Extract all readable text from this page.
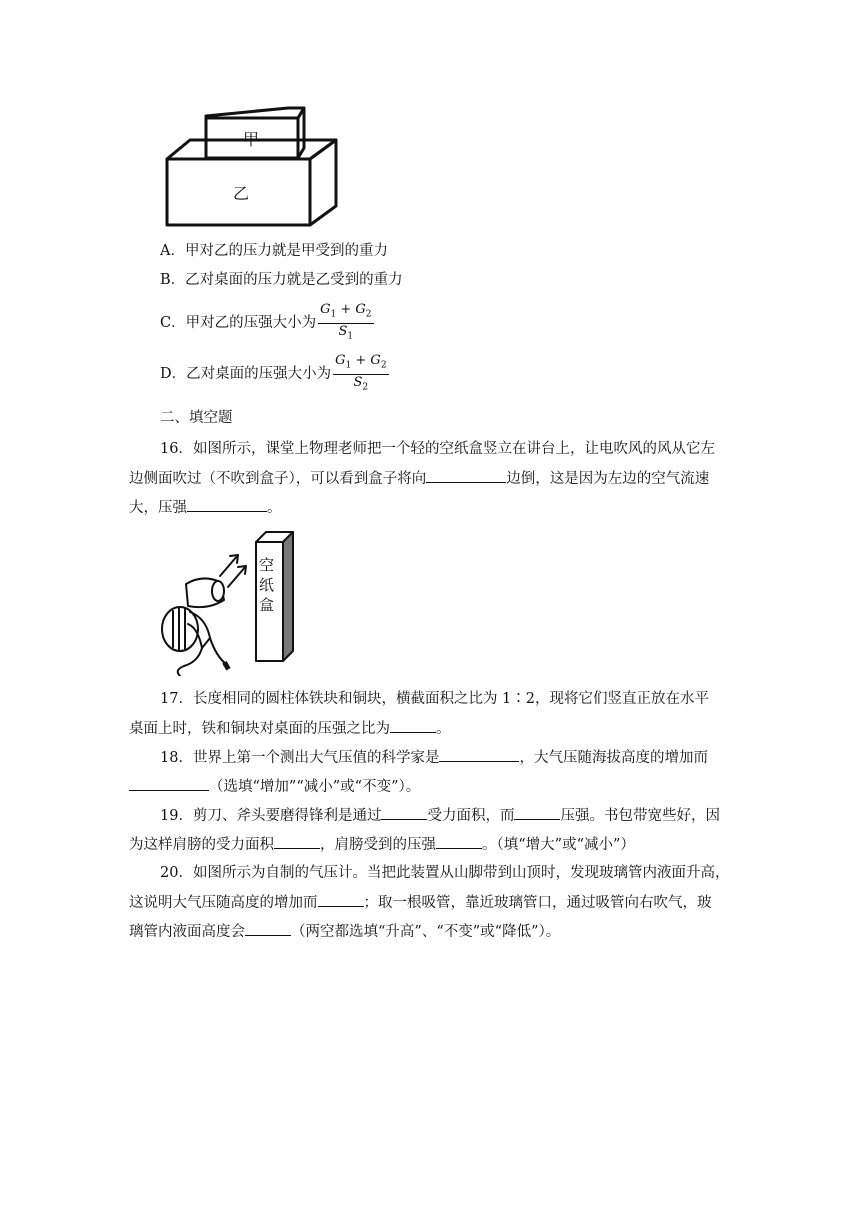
甲
乙
A．甲对乙的压力就是甲受到的重力
B．乙对桌面的压力就是乙受到的重力
C．甲对乙的压强大小为 $\frac{G_1 + G_2}{S_1}$
D．乙对桌面的压强大小为 $\frac{G_1 + G_2}{S_2}$
二、填空题
16．如图所示，课堂上物理老师把一个轻的空纸盒竖立在讲台上，让电吹风的风从它左
边侧面吹过（不吹到盒子），可以看到盒子将向	边倒，这是因为左边的空气流速
大，压强	。
空
纸
盒
17．长度相同的圆柱体铁块和铜块，横截面积之比为 1∶2，现将它们竖直正放在水平
桌面上时，铁和铜块对桌面的压强之比为	。
18．世界上第一个测出大气压值的科学家是	，大气压随海拔高度的增加而
（选填“增加”“减小”或“不变”）。
19．剪刀、斧头要磨得锋利是通过	受力面积，而	压强。书包带宽些好，因
为这样肩膀的受力面积	，肩膀受到的压强	。（填“增大”或“减小”）
20．如图所示为自制的气压计。当把此装置从山脚带到山顶时，发现玻璃管内液面升高，
这说明大气压随高度的增加而	；取一根吸管，靠近玻璃管口，通过吸管向右吹气，玻
璃管内液面高度会	（两空都选填“升高”、“不变”或“降低”）。
